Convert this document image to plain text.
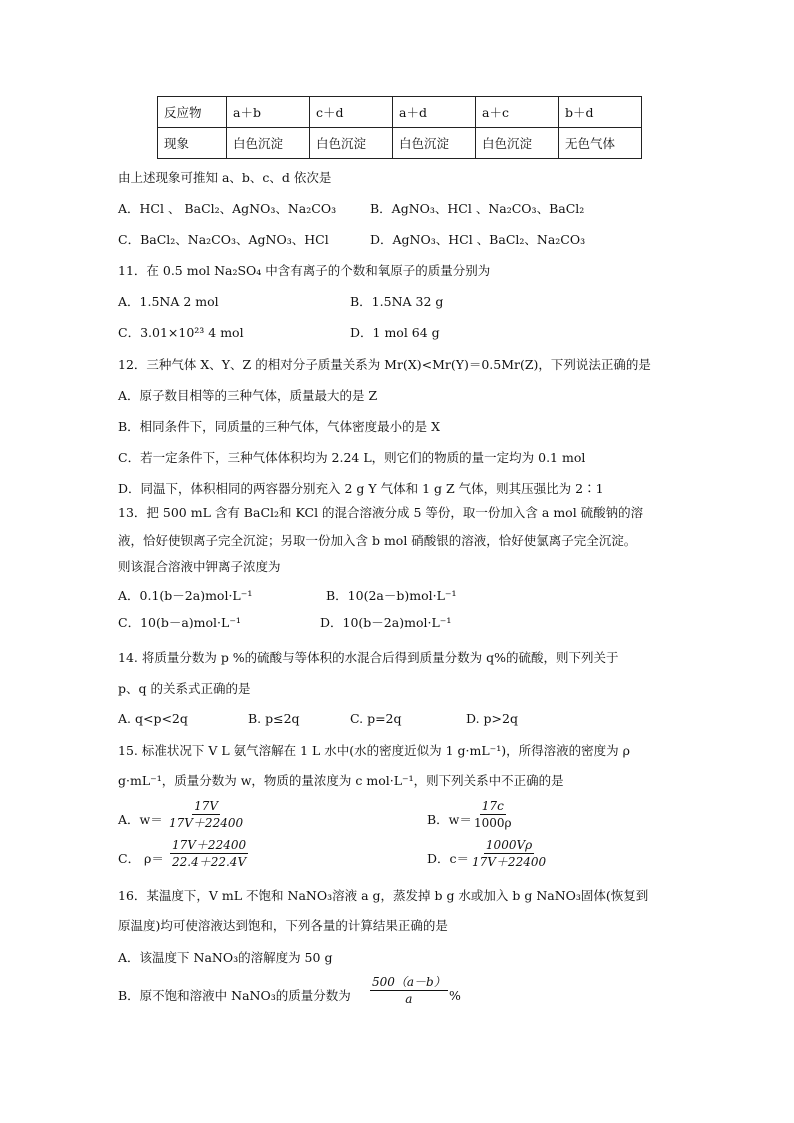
反应物	a＋b	c＋d	a＋d	a＋c	b＋d
现象	白色沉淀	白色沉淀	白色沉淀	白色沉淀	无色气体
由上述现象可推知 a、b、c、d 依次是
A．HCl 、 BaCl₂、AgNO₃、Na₂CO₃	B．AgNO₃、HCl 、Na₂CO₃、BaCl₂
C．BaCl₂、Na₂CO₃、AgNO₃、HCl	D．AgNO₃、HCl 、BaCl₂、Na₂CO₃
11．在 0.5 mol Na₂SO₄ 中含有离子的个数和氧原子的质量分别为
A．1.5NA 2 mol	B．1.5NA 32 g
C．3.01×10²³ 4 mol	D．1 mol 64 g
12．三种气体 X、Y、Z 的相对分子质量关系为 Mr(X)<Mr(Y)＝0.5Mr(Z)，下列说法正确的是
A．原子数目相等的三种气体，质量最大的是 Z
B．相同条件下，同质量的三种气体，气体密度最小的是 X
C．若一定条件下，三种气体体积均为 2.24 L，则它们的物质的量一定均为 0.1 mol
D．同温下，体积相同的两容器分别充入 2 g Y 气体和 1 g Z 气体，则其压强比为 2∶1
13．把 500 mL 含有 BaCl₂和 KCl 的混合溶液分成 5 等份，取一份加入含 a mol 硫酸钠的溶
液，恰好使钡离子完全沉淀；另取一份加入含 b mol 硝酸银的溶液，恰好使氯离子完全沉淀。
则该混合溶液中钾离子浓度为
A．0.1(b－2a)mol·L⁻¹	B．10(2a－b)mol·L⁻¹
C．10(b－a)mol·L⁻¹	D．10(b－2a)mol·L⁻¹
14. 将质量分数为 p %的硫酸与等体积的水混合后得到质量分数为 q%的硫酸，则下列关于
p、q 的关系式正确的是
A. q<p<2q	B. p≤2q	C. p=2q	D. p>2q
15. 标准状况下 V L 氨气溶解在 1 L 水中(水的密度近似为 1 g·mL⁻¹)，所得溶液的密度为 ρ
g·mL⁻¹，质量分数为 w，物质的量浓度为 c mol·L⁻¹，则下列关系中不正确的是
A．$w= \frac{17V}{17V+22400}$	B．$w= \frac{17c}{1000\rho}$
C． $\rho= \frac{17V+22400}{22.4+22.4V}$	D．$c= \frac{1000V\rho}{17V+22400}$
16．某温度下，V mL 不饱和 NaNO₃溶液 a g，蒸发掉 b g 水或加入 b g NaNO₃固体(恢复到
原温度)均可使溶液达到饱和，下列各量的计算结果正确的是
A．该温度下 NaNO₃的溶解度为 50 g
B．原不饱和溶液中 NaNO₃的质量分数为 $\frac{500(a-b)}{a}$ %
